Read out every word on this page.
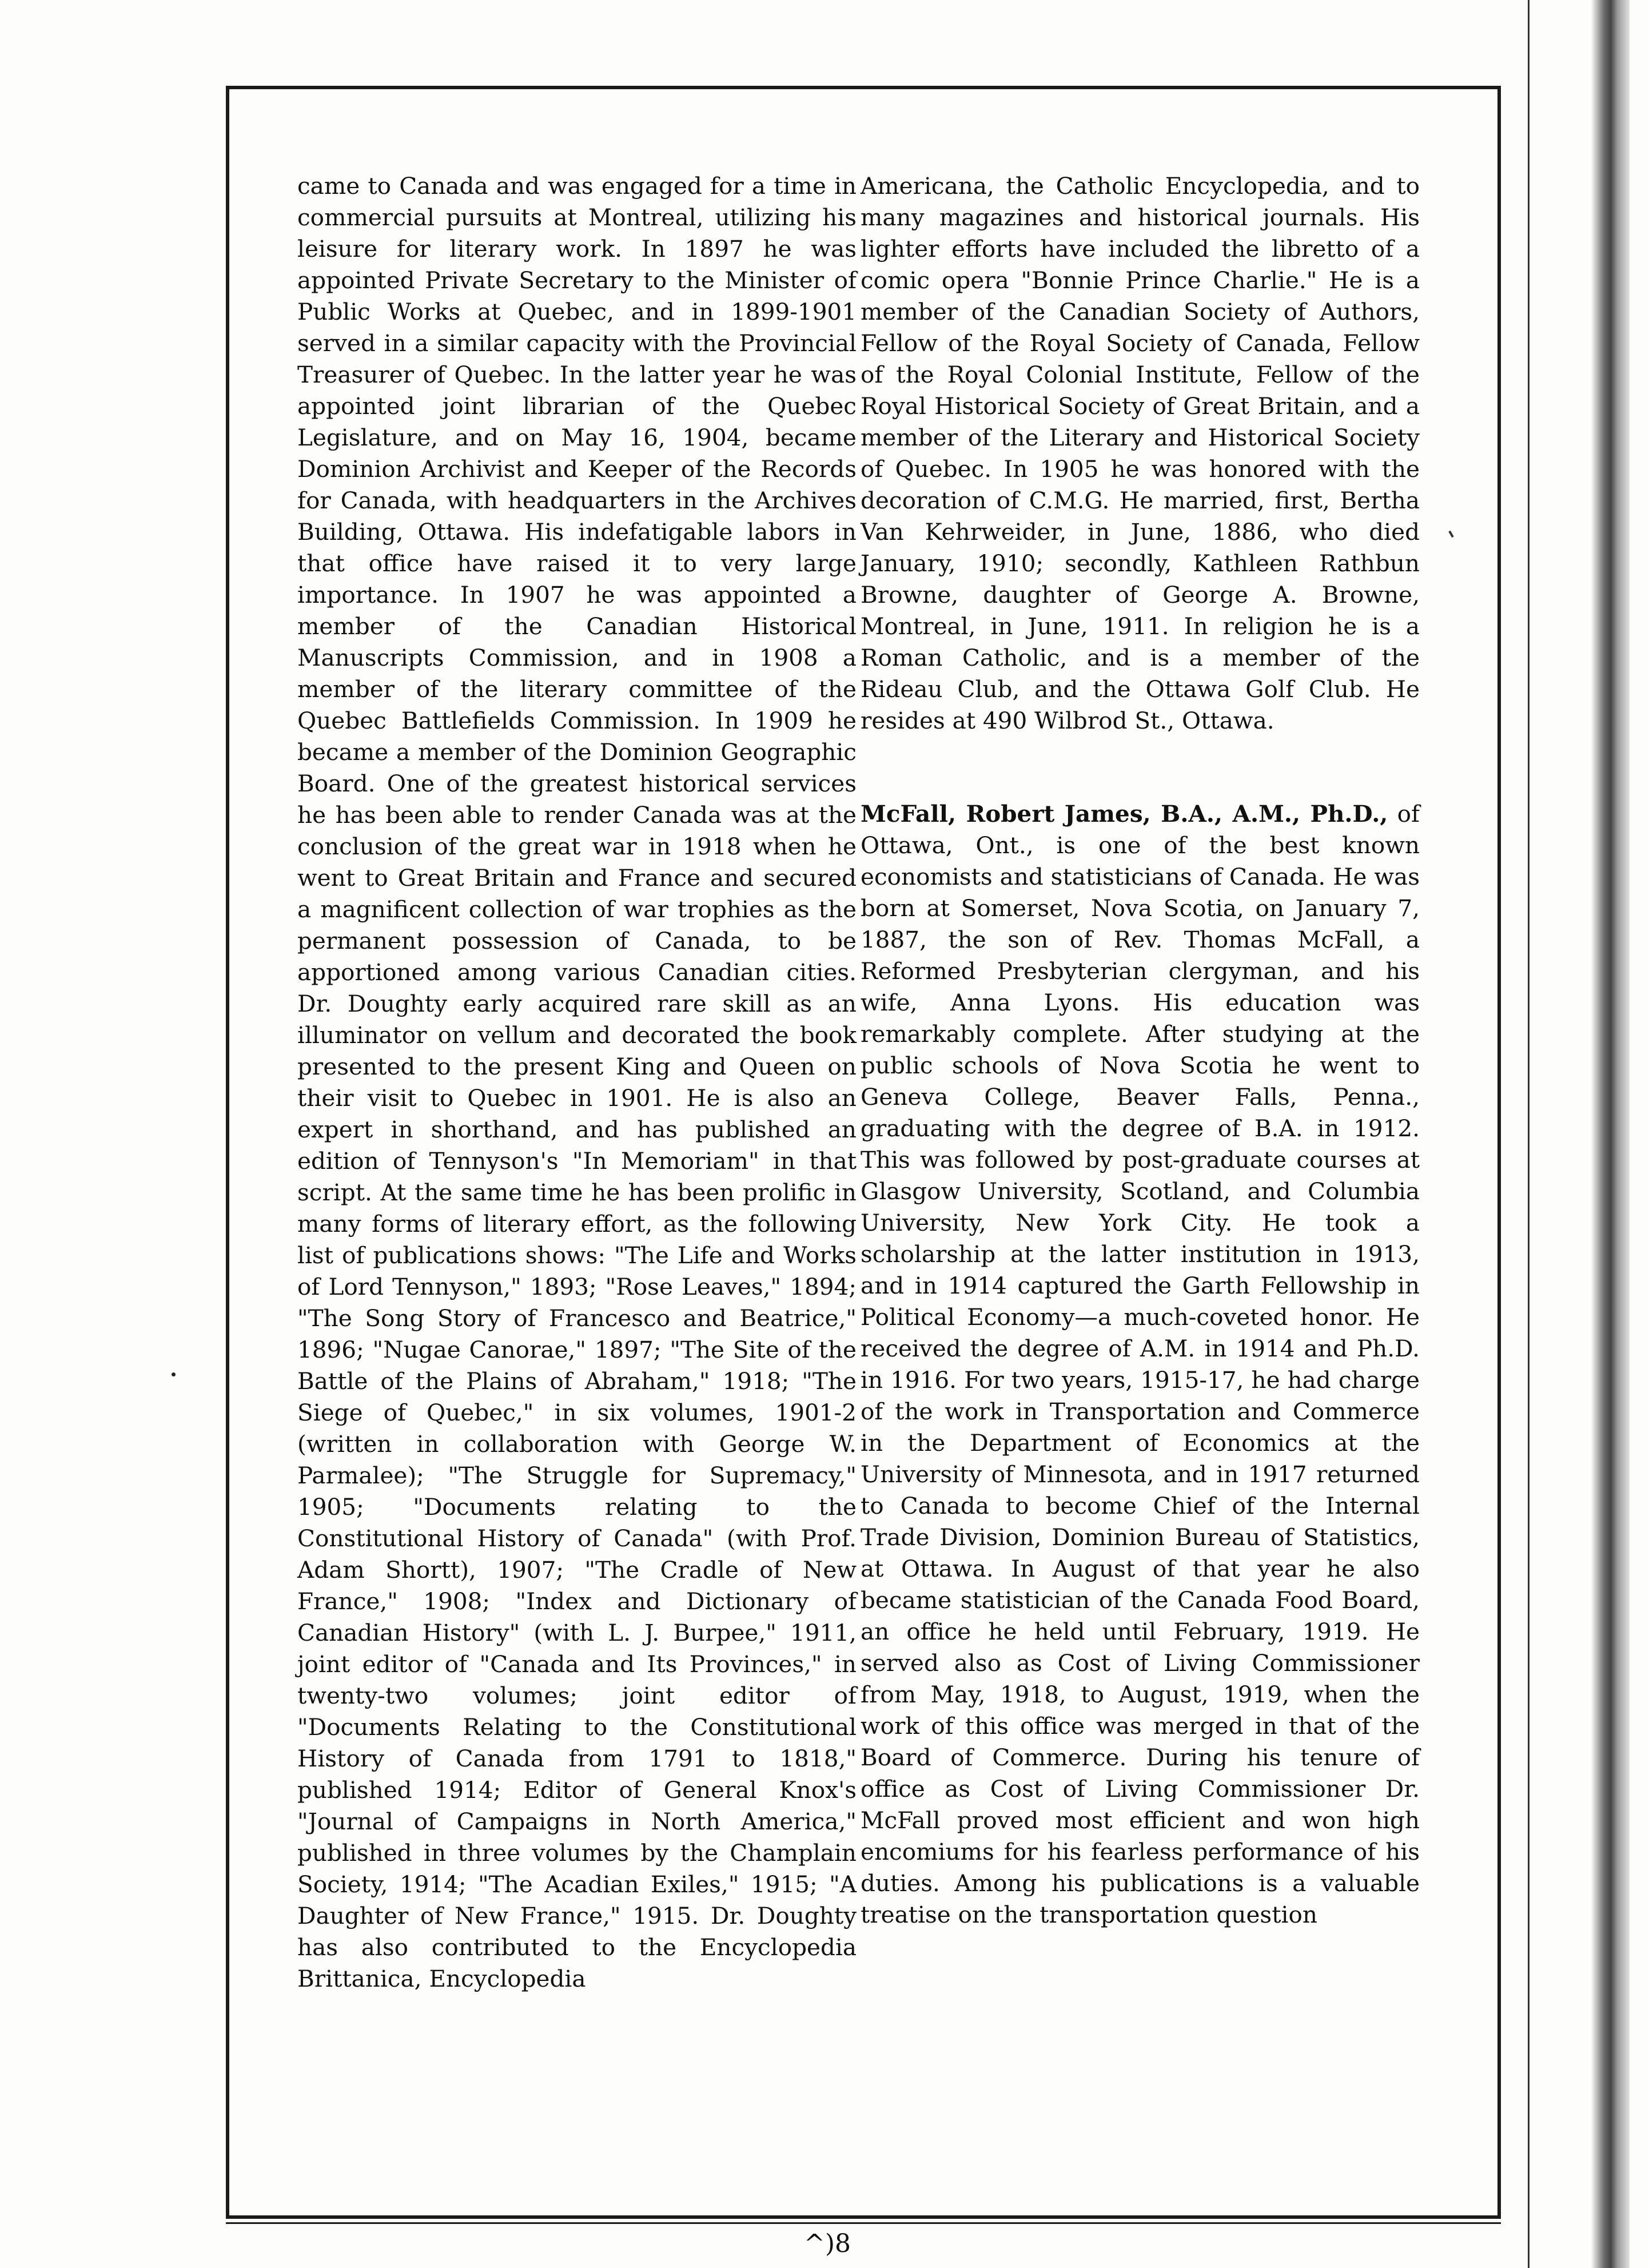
came to Canada and was engaged for a time in commercial pursuits at Montreal, utilizing his leisure for literary work. In 1897 he was appointed Private Secretary to the Minister of Public Works at Quebec, and in 1899-1901 served in a similar capacity with the Provincial Treasurer of Quebec. In the latter year he was appointed joint librarian of the Quebec Legislature, and on May 16, 1904, became Dominion Archivist and Keeper of the Records for Canada, with headquarters in the Archives Building, Ottawa. His indefatigable labors in that office have raised it to very large importance. In 1907 he was appointed a member of the Canadian Historical Manuscripts Commission, and in 1908 a member of the literary committee of the Quebec Battlefields Commission. In 1909 he became a member of the Dominion Geographic Board. One of the greatest historical services he has been able to render Canada was at the conclusion of the great war in 1918 when he went to Great Britain and France and secured a magnificent collection of war trophies as the permanent possession of Canada, to be apportioned among various Canadian cities. Dr. Doughty early acquired rare skill as an illuminator on vellum and decorated the book presented to the present King and Queen on their visit to Quebec in 1901. He is also an expert in shorthand, and has published an edition of Tennyson's "In Memoriam" in that script. At the same time he has been prolific in many forms of literary effort, as the following list of publications shows: "The Life and Works of Lord Tennyson," 1893; "Rose Leaves," 1894; "The Song Story of Francesco and Beatrice," 1896; "Nugae Canorae," 1897; "The Site of the Battle of the Plains of Abraham," 1918; "The Siege of Quebec," in six volumes, 1901-2 (written in collaboration with George W. Parmalee); "The Struggle for Supremacy," 1905; "Documents relating to the Constitutional History of Canada" (with Prof. Adam Shortt), 1907; "The Cradle of New France," 1908; "Index and Dictionary of Canadian History" (with L. J. Burpee," 1911, joint editor of "Canada and Its Provinces," in twenty-two volumes; joint editor of "Documents Relating to the Constitutional History of Canada from 1791 to 1818," published 1914; Editor of General Knox's "Journal of Campaigns in North America," published in three volumes by the Champlain Society, 1914; "The Acadian Exiles," 1915; "A Daughter of New France," 1915. Dr. Doughty has also contributed to the Encyclopedia Brittanica, Encyclopedia

Americana, the Catholic Encyclopedia, and to many magazines and historical journals. His lighter efforts have included the libretto of a comic opera "Bonnie Prince Charlie." He is a member of the Canadian Society of Authors, Fellow of the Royal Society of Canada, Fellow of the Royal Colonial Institute, Fellow of the Royal Historical Society of Great Britain, and a member of the Literary and Historical Society of Quebec. In 1905 he was honored with the decoration of C.M.G. He married, first, Bertha Van Kehrweider, in June, 1886, who died January, 1910; secondly, Kathleen Rathbun Browne, daughter of George A. Browne, Montreal, in June, 1911. In religion he is a Roman Catholic, and is a member of the Rideau Club, and the Ottawa Golf Club. He resides at 490 Wilbrod St., Ottawa.

McFall, Robert James, B.A., A.M., Ph.D., of Ottawa, Ont., is one of the best known economists and statisticians of Canada. He was born at Somerset, Nova Scotia, on January 7, 1887, the son of Rev. Thomas McFall, a Reformed Presbyterian clergyman, and his wife, Anna Lyons. His education was remarkably complete. After studying at the public schools of Nova Scotia he went to Geneva College, Beaver Falls, Penna., graduating with the degree of B.A. in 1912. This was followed by post-graduate courses at Glasgow University, Scotland, and Columbia University, New York City. He took a scholarship at the latter institution in 1913, and in 1914 captured the Garth Fellowship in Political Economy—a much-coveted honor. He received the degree of A.M. in 1914 and Ph.D. in 1916. For two years, 1915-17, he had charge of the work in Transportation and Commerce in the Department of Economics at the University of Minnesota, and in 1917 returned to Canada to become Chief of the Internal Trade Division, Dominion Bureau of Statistics, at Ottawa. In August of that year he also became statistician of the Canada Food Board, an office he held until February, 1919. He served also as Cost of Living Commissioner from May, 1918, to August, 1919, when the work of this office was merged in that of the Board of Commerce. During his tenure of office as Cost of Living Commissioner Dr. McFall proved most efficient and won high encomiums for his fearless performance of his duties. Among his publications is a valuable treatise on the transportation question

^)8
